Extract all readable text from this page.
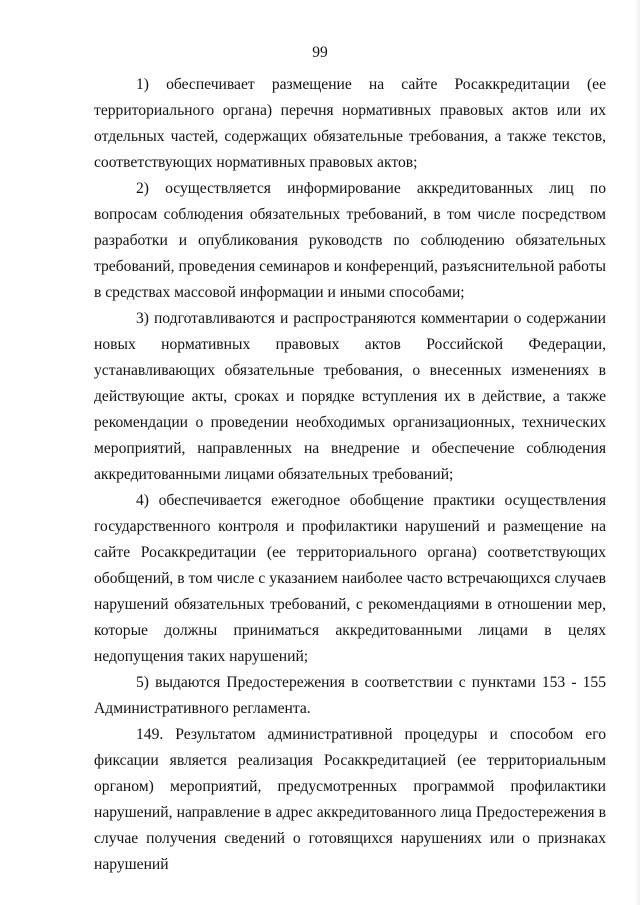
99

1) обеспечивает размещение на сайте Росаккредитации (ее территориального органа) перечня нормативных правовых актов или их отдельных частей, содержащих обязательные требования, а также текстов, соответствующих нормативных правовых актов;

2) осуществляется информирование аккредитованных лиц по вопросам соблюдения обязательных требований, в том числе посредством разработки и опубликования руководств по соблюдению обязательных требований, проведения семинаров и конференций, разъяснительной работы в средствах массовой информации и иными способами;

3) подготавливаются и распространяются комментарии о содержании новых нормативных правовых актов Российской Федерации, устанавливающих обязательные требования, о внесенных изменениях в действующие акты, сроках и порядке вступления их в действие, а также рекомендации о проведении необходимых организационных, технических мероприятий, направленных на внедрение и обеспечение соблюдения аккредитованными лицами обязательных требований;

4) обеспечивается ежегодное обобщение практики осуществления государственного контроля и профилактики нарушений и размещение на сайте Росаккредитации (ее территориального органа) соответствующих обобщений, в том числе с указанием наиболее часто встречающихся случаев нарушений обязательных требований, с рекомендациями в отношении мер, которые должны приниматься аккредитованными лицами в целях недопущения таких нарушений;

5) выдаются Предостережения в соответствии с пунктами 153 - 155 Административного регламента.

149. Результатом административной процедуры и способом его фиксации является реализация Росаккредитацией (ее территориальным органом) мероприятий, предусмотренных программой профилактики нарушений, направление в адрес аккредитованного лица Предостережения в случае получения сведений о готовящихся нарушениях или о признаках нарушений
